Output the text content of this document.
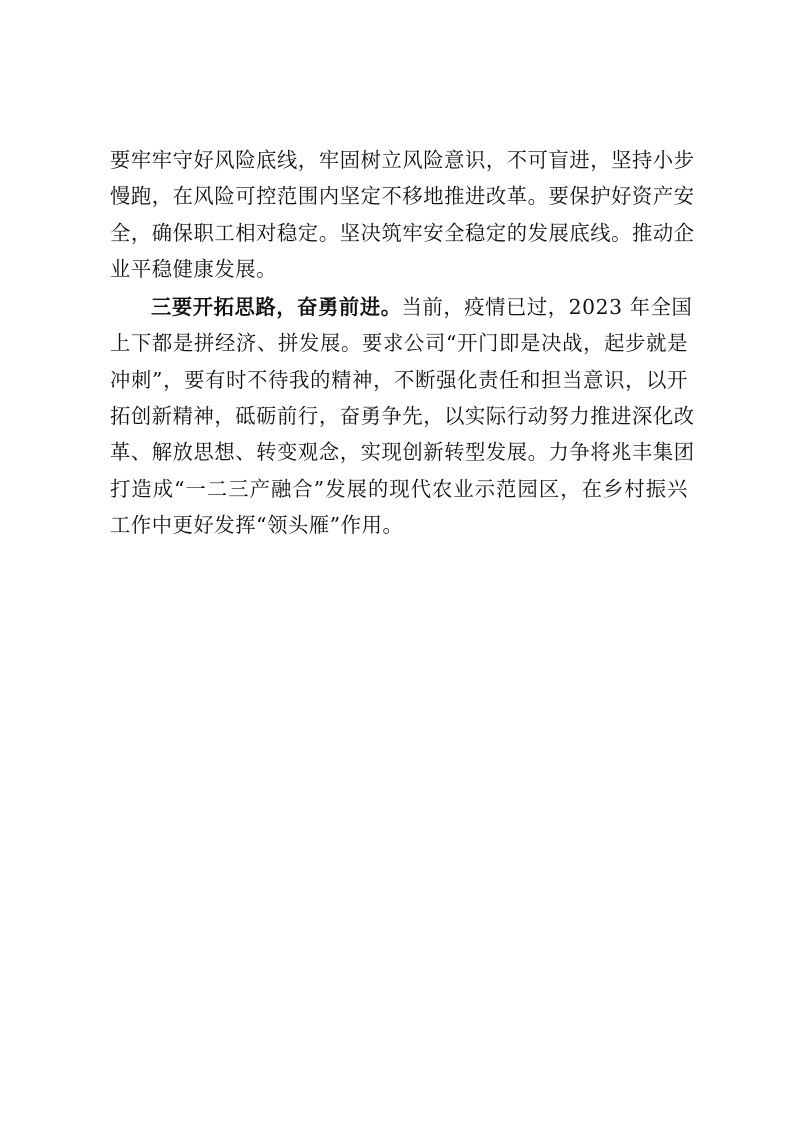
要牢牢守好风险底线，牢固树立风险意识，不可盲进，坚持小步
慢跑，在风险可控范围内坚定不移地推进改革。要保护好资产安
全，确保职工相对稳定。坚决筑牢安全稳定的发展底线。推动企
业平稳健康发展。
三要开拓思路，奋勇前进。当前，疫情已过，2023 年全国
上下都是拼经济、拼发展。要求公司“开门即是决战，起步就是
冲刺”，要有时不待我的精神，不断强化责任和担当意识，以开
拓创新精神，砥砺前行，奋勇争先，以实际行动努力推进深化改
革、解放思想、转变观念，实现创新转型发展。力争将兆丰集团
打造成“一二三产融合”发展的现代农业示范园区，在乡村振兴
工作中更好发挥“领头雁”作用。
